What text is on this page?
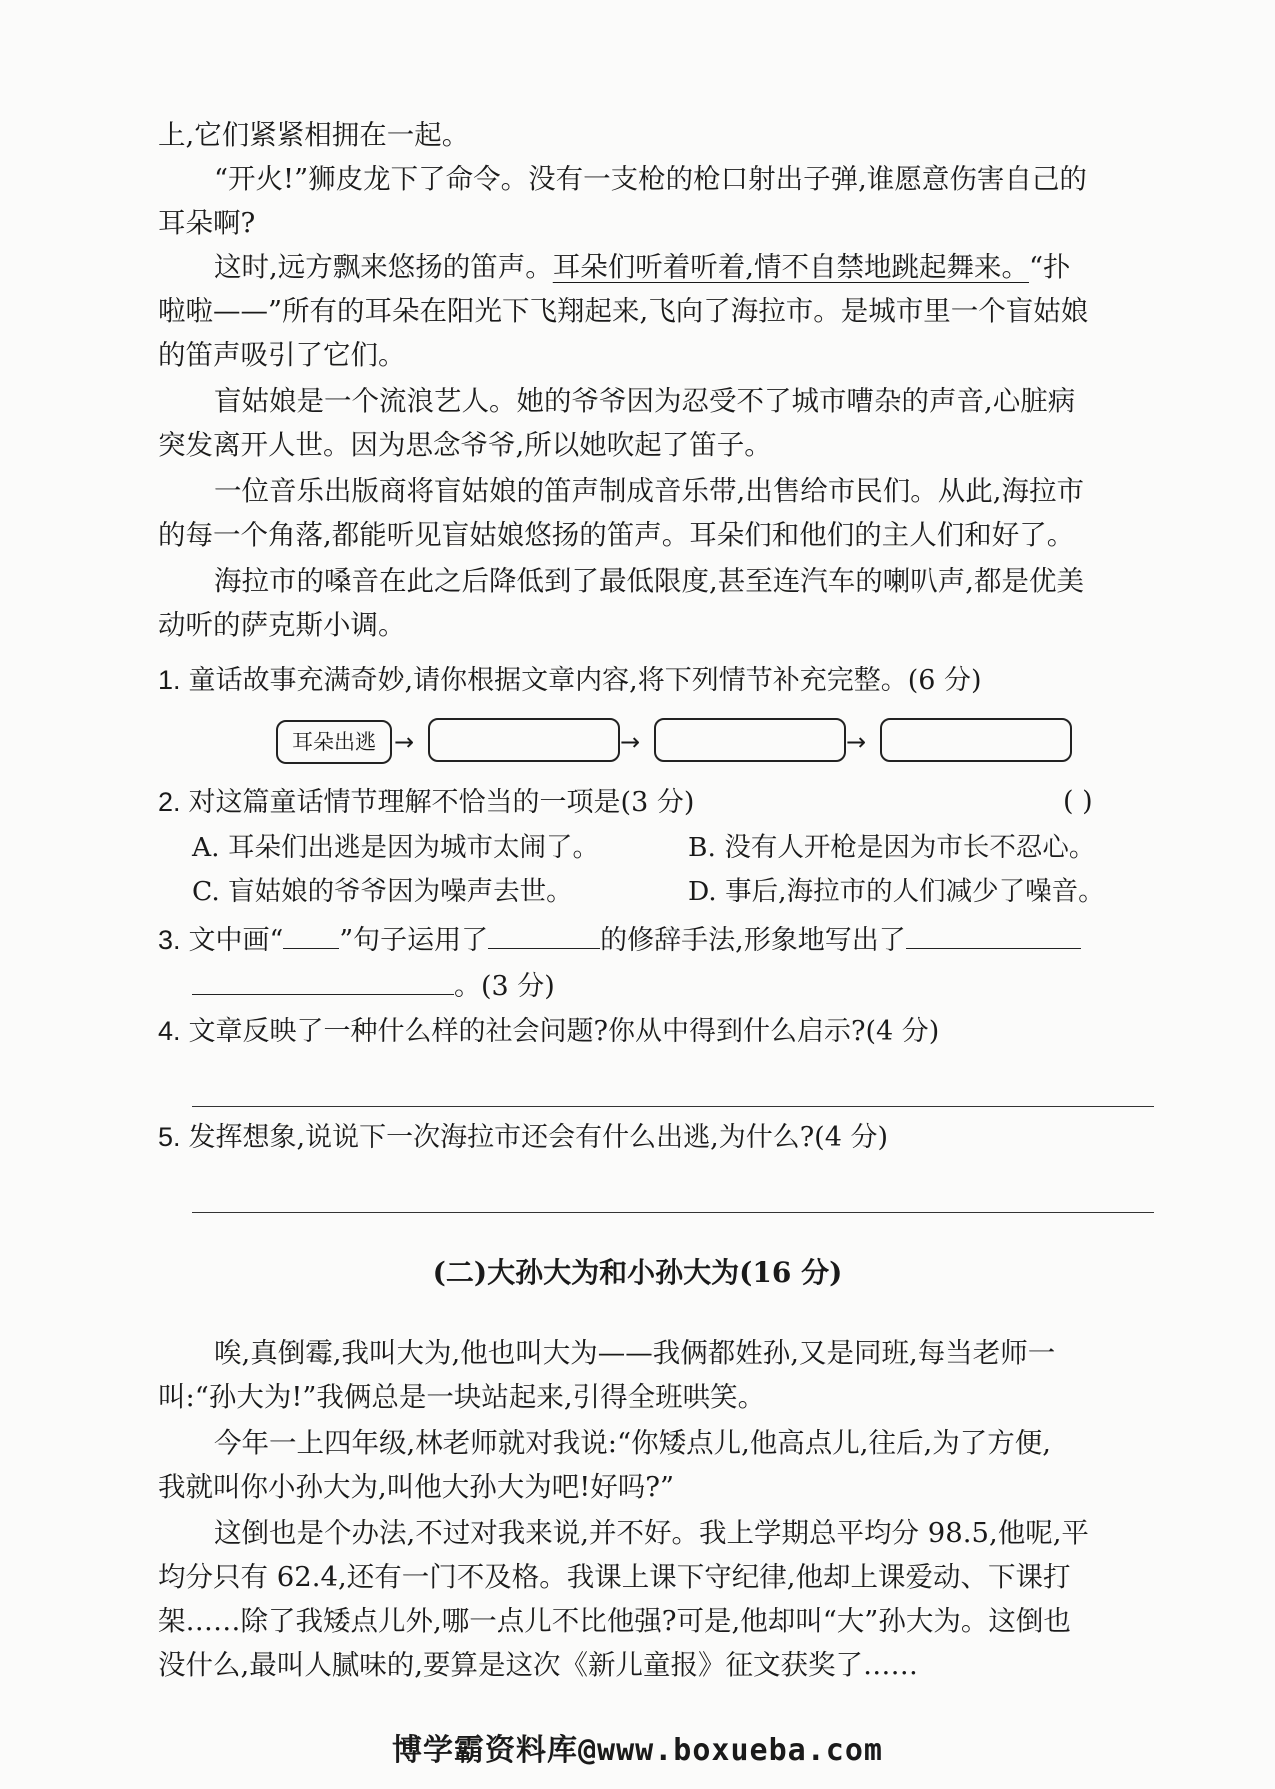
上,它们紧紧相拥在一起。
“开火!”狮皮龙下了命令。没有一支枪的枪口射出子弹,谁愿意伤害自己的
耳朵啊?
这时,远方飘来悠扬的笛声。耳朵们听着听着,情不自禁地跳起舞来。“扑
啦啦——”所有的耳朵在阳光下飞翔起来,飞向了海拉市。是城市里一个盲姑娘
的笛声吸引了它们。
盲姑娘是一个流浪艺人。她的爷爷因为忍受不了城市嘈杂的声音,心脏病
突发离开人世。因为思念爷爷,所以她吹起了笛子。
一位音乐出版商将盲姑娘的笛声制成音乐带,出售给市民们。从此,海拉市
的每一个角落,都能听见盲姑娘悠扬的笛声。耳朵们和他们的主人们和好了。
海拉市的嗓音在此之后降低到了最低限度,甚至连汽车的喇叭声,都是优美
动听的萨克斯小调。
1. 童话故事充满奇妙,请你根据文章内容,将下列情节补充完整。(6 分)
耳朵出逃 →	→	→
2. 对这篇童话情节理解不恰当的一项是(3 分)	( )
A. 耳朵们出逃是因为城市太闹了。	B. 没有人开枪是因为市长不忍心。
C. 盲姑娘的爷爷因为噪声去世。	D. 事后,海拉市的人们减少了噪音。
3. 文中画“ ”句子运用了	的修辞手法,形象地写出了
。(3 分)
4. 文章反映了一种什么样的社会问题?你从中得到什么启示?(4 分)
5. 发挥想象,说说下一次海拉市还会有什么出逃,为什么?(4 分)
(二)大孙大为和小孙大为(16 分)
唉,真倒霉,我叫大为,他也叫大为——我俩都姓孙,又是同班,每当老师一
叫:“孙大为!”我俩总是一块站起来,引得全班哄笑。
今年一上四年级,林老师就对我说:“你矮点儿,他高点儿,往后,为了方便,
我就叫你小孙大为,叫他大孙大为吧!好吗?”
这倒也是个办法,不过对我来说,并不好。我上学期总平均分 98.5,他呢,平
均分只有 62.4,还有一门不及格。我课上课下守纪律,他却上课爱动、下课打
架……除了我矮点儿外,哪一点儿不比他强?可是,他却叫“大”孙大为。这倒也
没什么,最叫人腻味的,要算是这次《新儿童报》征文获奖了……
博学霸资料库@www.boxueba.com
